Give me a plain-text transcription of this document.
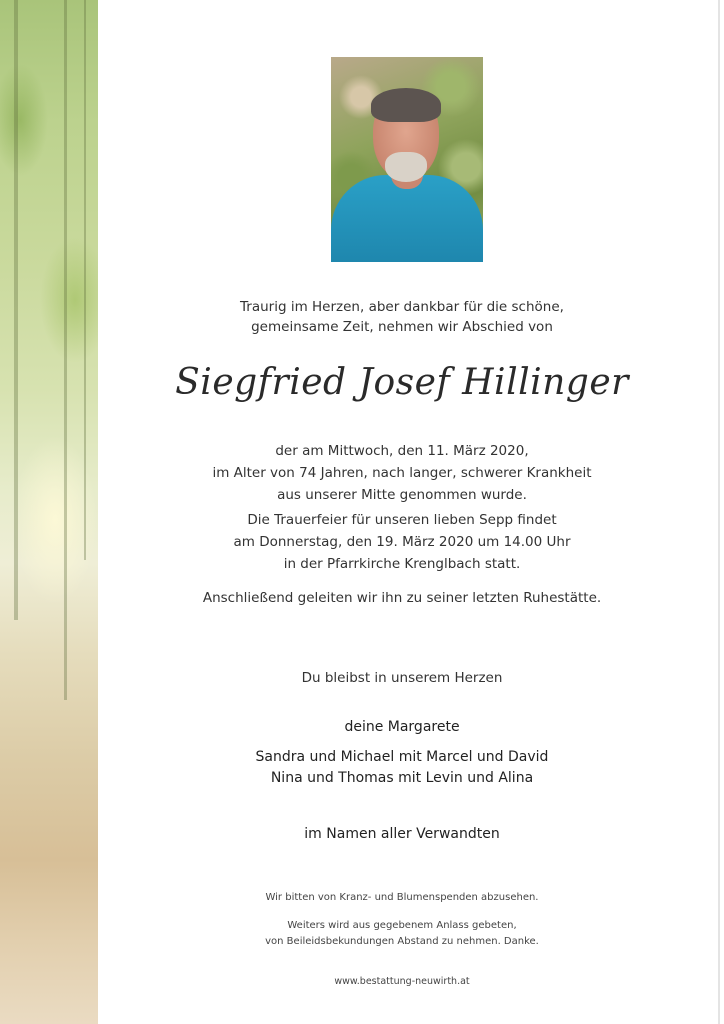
Traurig im Herzen, aber dankbar für die schöne,
gemeinsame Zeit, nehmen wir Abschied von
Siegfried Josef Hillinger
der am Mittwoch, den 11. März 2020,
im Alter von 74 Jahren, nach langer, schwerer Krankheit
aus unserer Mitte genommen wurde.
Die Trauerfeier für unseren lieben Sepp findet
am Donnerstag, den 19. März 2020 um 14.00 Uhr
in der Pfarrkirche Krenglbach statt.
Anschließend geleiten wir ihn zu seiner letzten Ruhestätte.
Du bleibst in unserem Herzen
deine Margarete
Sandra und Michael mit Marcel und David
Nina und Thomas mit Levin und Alina
im Namen aller Verwandten
Wir bitten von Kranz- und Blumenspenden abzusehen.
Weiters wird aus gegebenem Anlass gebeten,
von Beileidsbekundungen Abstand zu nehmen. Danke.
www.bestattung-neuwirth.at
